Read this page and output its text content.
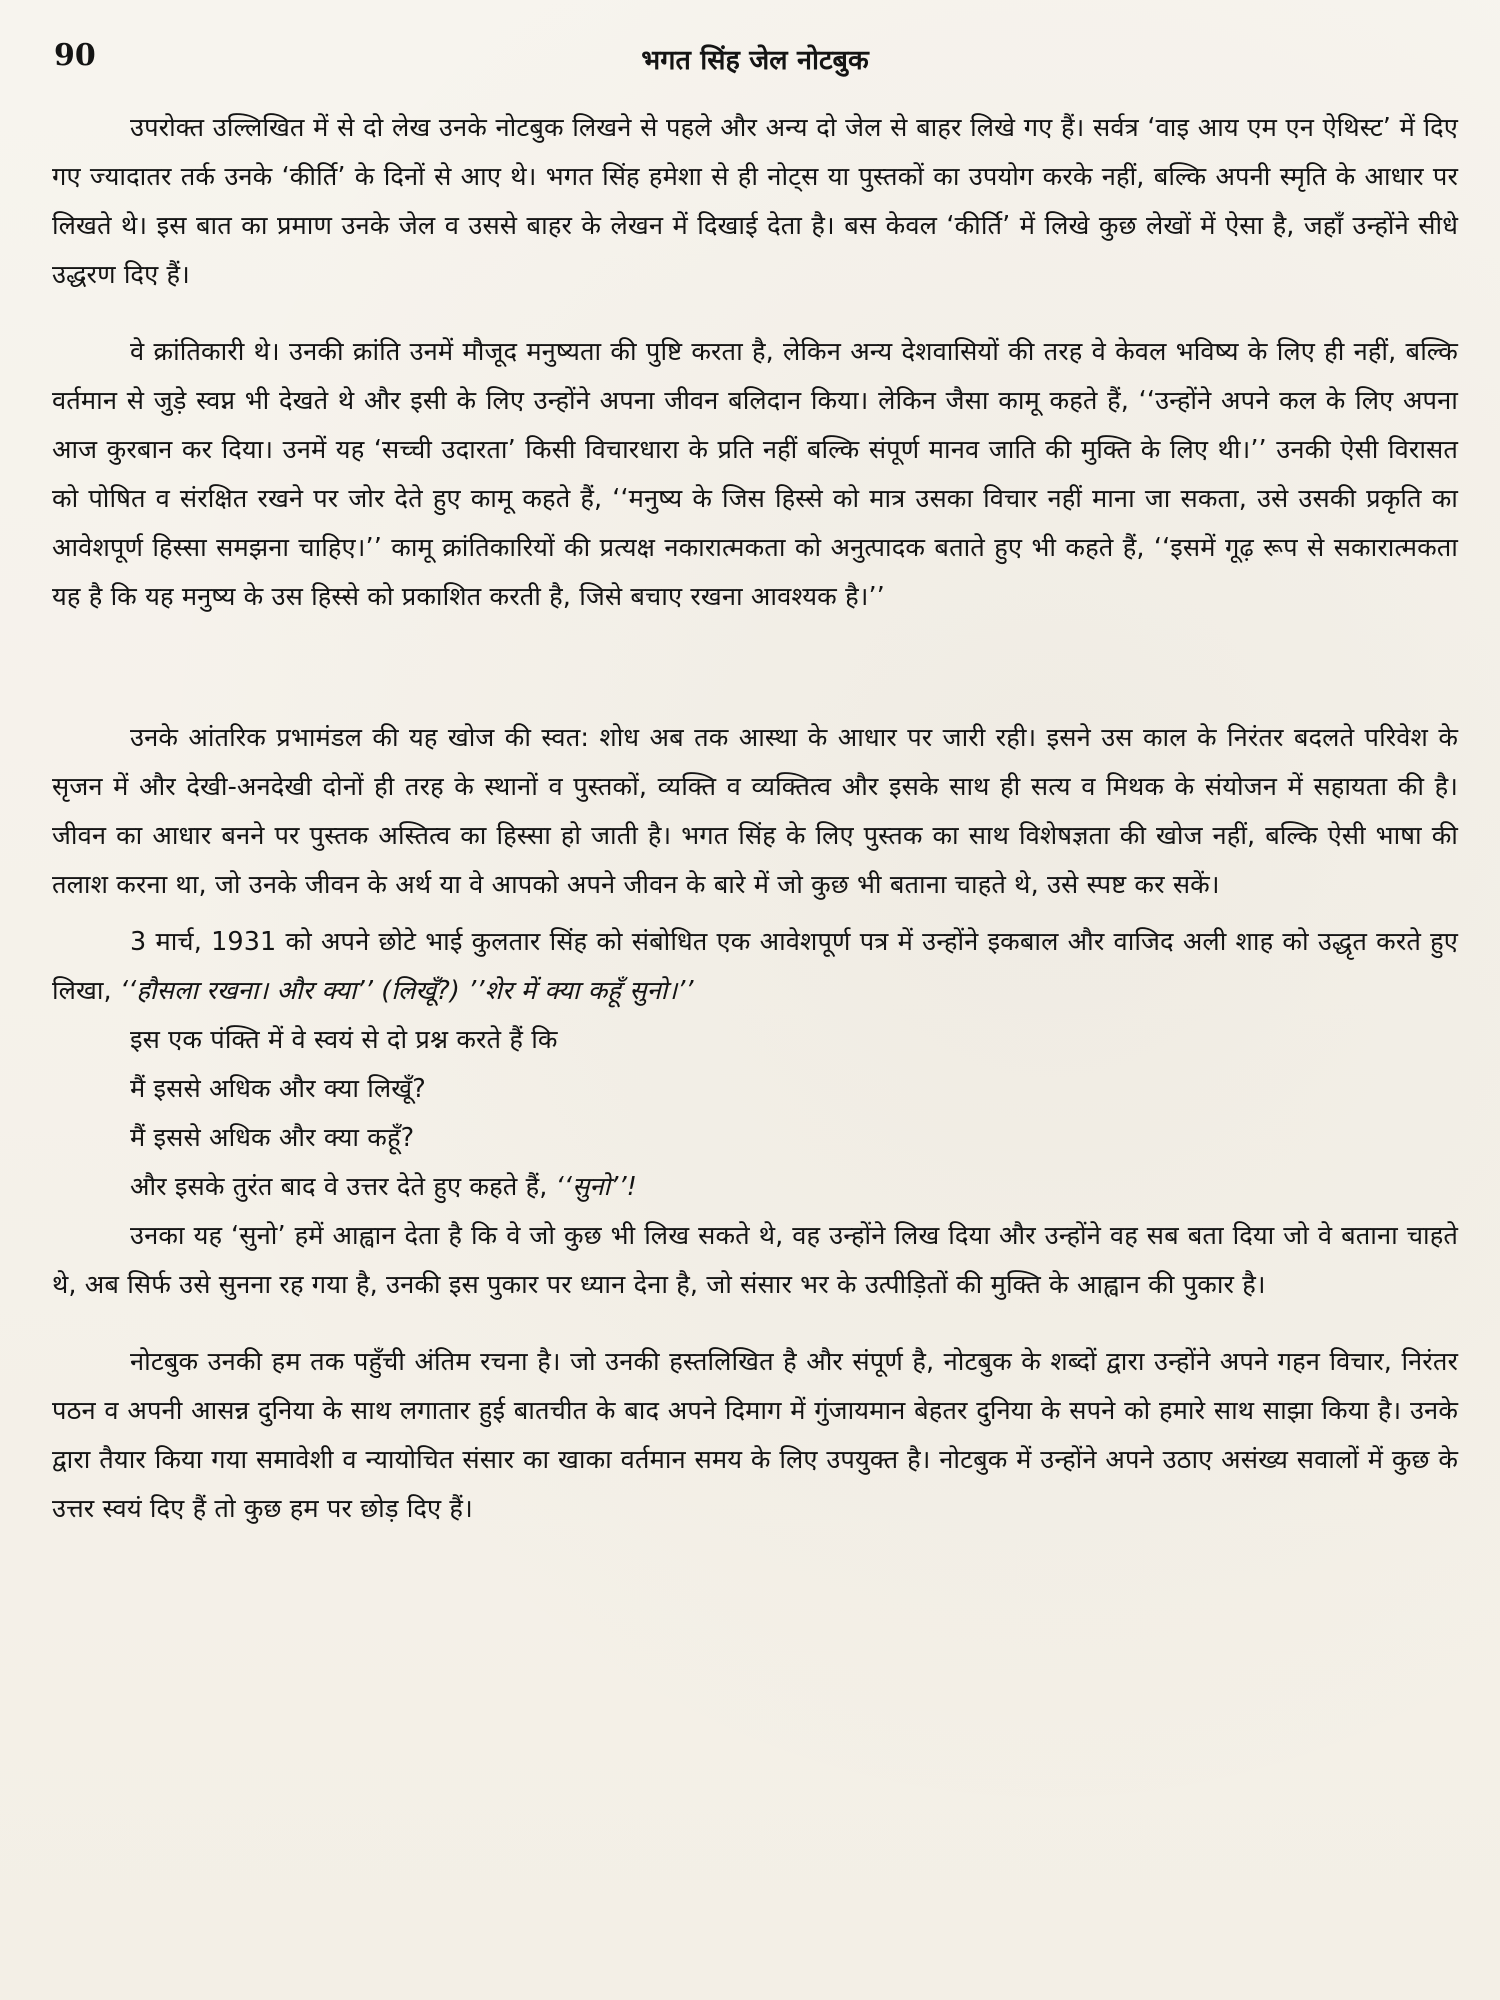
90	भगत सिंह जेल नोटबुक

उपरोक्त उल्लिखित में से दो लेख उनके नोटबुक लिखने से पहले और अन्य दो जेल से बाहर लिखे गए हैं। सर्वत्र ‘वाइ आय एम एन ऐथिस्ट’ में दिए गए ज्यादातर तर्क उनके ‘कीर्ति’ के दिनों से आए थे। भगत सिंह हमेशा से ही नोट्स या पुस्तकों का उपयोग करके नहीं, बल्कि अपनी स्मृति के आधार पर लिखते थे। इस बात का प्रमाण उनके जेल व उससे बाहर के लेखन में दिखाई देता है। बस केवल ‘कीर्ति’ में लिखे कुछ लेखों में ऐसा है, जहाँ उन्होंने सीधे उद्धरण दिए हैं।

वे क्रांतिकारी थे। उनकी क्रांति उनमें मौजूद मनुष्यता की पुष्टि करता है, लेकिन अन्य देशवासियों की तरह वे केवल भविष्य के लिए ही नहीं, बल्कि वर्तमान से जुड़े स्वप्न भी देखते थे और इसी के लिए उन्होंने अपना जीवन बलिदान किया। लेकिन जैसा कामू कहते हैं, ‘‘उन्होंने अपने कल के लिए अपना आज कुरबान कर दिया। उनमें यह ‘सच्ची उदारता’ किसी विचारधारा के प्रति नहीं बल्कि संपूर्ण मानव जाति की मुक्ति के लिए थी।’’ उनकी ऐसी विरासत को पोषित व संरक्षित रखने पर जोर देते हुए कामू कहते हैं, ‘‘मनुष्य के जिस हिस्से को मात्र उसका विचार नहीं माना जा सकता, उसे उसकी प्रकृति का आवेशपूर्ण हिस्सा समझना चाहिए।’’ कामू क्रांतिकारियों की प्रत्यक्ष नकारात्मकता को अनुत्पादक बताते हुए भी कहते हैं, ‘‘इसमें गूढ़ रूप से सकारात्मकता यह है कि यह मनुष्य के उस हिस्से को प्रकाशित करती है, जिसे बचाए रखना आवश्यक है।’’

उनके आंतरिक प्रभामंडल की यह खोज की स्वत: शोध अब तक आस्था के आधार पर जारी रही। इसने उस काल के निरंतर बदलते परिवेश के सृजन में और देखी-अनदेखी दोनों ही तरह के स्थानों व पुस्तकों, व्यक्ति व व्यक्तित्व और इसके साथ ही सत्य व मिथक के संयोजन में सहायता की है। जीवन का आधार बनने पर पुस्तक अस्तित्व का हिस्सा हो जाती है। भगत सिंह के लिए पुस्तक का साथ विशेषज्ञता की खोज नहीं, बल्कि ऐसी भाषा की तलाश करना था, जो उनके जीवन के अर्थ या वे आपको अपने जीवन के बारे में जो कुछ भी बताना चाहते थे, उसे स्पष्ट कर सकें।

3 मार्च, 1931 को अपने छोटे भाई कुलतार सिंह को संबोधित एक आवेशपूर्ण पत्र में उन्होंने इकबाल और वाजिद अली शाह को उद्धृत करते हुए लिखा, ‘‘हौसला रखना। और क्या’’ (लिखूँ?) ’’शेर में क्या कहूँ सुनो।’’

इस एक पंक्ति में वे स्वयं से दो प्रश्न करते हैं कि

मैं इससे अधिक और क्या लिखूँ?

मैं इससे अधिक और क्या कहूँ?

और इसके तुरंत बाद वे उत्तर देते हुए कहते हैं, ‘‘सुनो’’!

उनका यह ‘सुनो’ हमें आह्वान देता है कि वे जो कुछ भी लिख सकते थे, वह उन्होंने लिख दिया और उन्होंने वह सब बता दिया जो वे बताना चाहते थे, अब सिर्फ उसे सुनना रह गया है, उनकी इस पुकार पर ध्यान देना है, जो संसार भर के उत्पीड़ितों की मुक्ति के आह्वान की पुकार है।

नोटबुक उनकी हम तक पहुँची अंतिम रचना है। जो उनकी हस्तलिखित है और संपूर्ण है, नोटबुक के शब्दों द्वारा उन्होंने अपने गहन विचार, निरंतर पठन व अपनी आसन्न दुनिया के साथ लगातार हुई बातचीत के बाद अपने दिमाग में गुंजायमान बेहतर दुनिया के सपने को हमारे साथ साझा किया है। उनके द्वारा तैयार किया गया समावेशी व न्यायोचित संसार का खाका वर्तमान समय के लिए उपयुक्त है। नोटबुक में उन्होंने अपने उठाए असंख्य सवालों में कुछ के उत्तर स्वयं दिए हैं तो कुछ हम पर छोड़ दिए हैं।
